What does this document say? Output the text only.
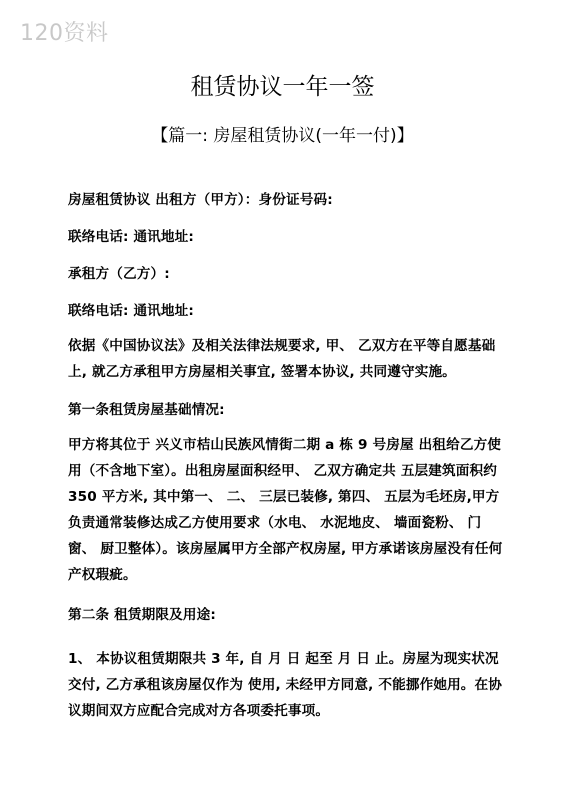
120资料
租赁协议一年一签
【篇一: 房屋租赁协议(一年一付)】

房屋租赁协议 出租方（甲方）：身份证号码:

联络电话: 通讯地址:

承租方（乙方）:

联络电话: 通讯地址:

依据《中国协议法》及相关法律法规要求, 甲、 乙双方在平等自愿基础上, 就乙方承租甲方房屋相关事宜, 签署本协议, 共同遵守实施。

第一条租赁房屋基础情况:

甲方将其位于 兴义市桔山民族风情街二期 a 栋 9 号房屋 出租给乙方使用（不含地下室）。出租房屋面积经甲、 乙双方确定共 五层建筑面积约 350 平方米, 其中第一、 二、 三层已装修, 第四、 五层为毛坯房,甲方负责通常装修达成乙方使用要求（水电、 水泥地皮、 墙面瓷粉、 门窗、 厨卫整体）。该房屋属甲方全部产权房屋, 甲方承诺该房屋没有任何产权瑕疵。

第二条 租赁期限及用途:

1、 本协议租赁期限共 3 年, 自 月 日 起至 月 日 止。房屋为现实状况交付, 乙方承租该房屋仅作为 使用, 未经甲方同意, 不能挪作她用。在协议期间双方应配合完成对方各项委托事项。
